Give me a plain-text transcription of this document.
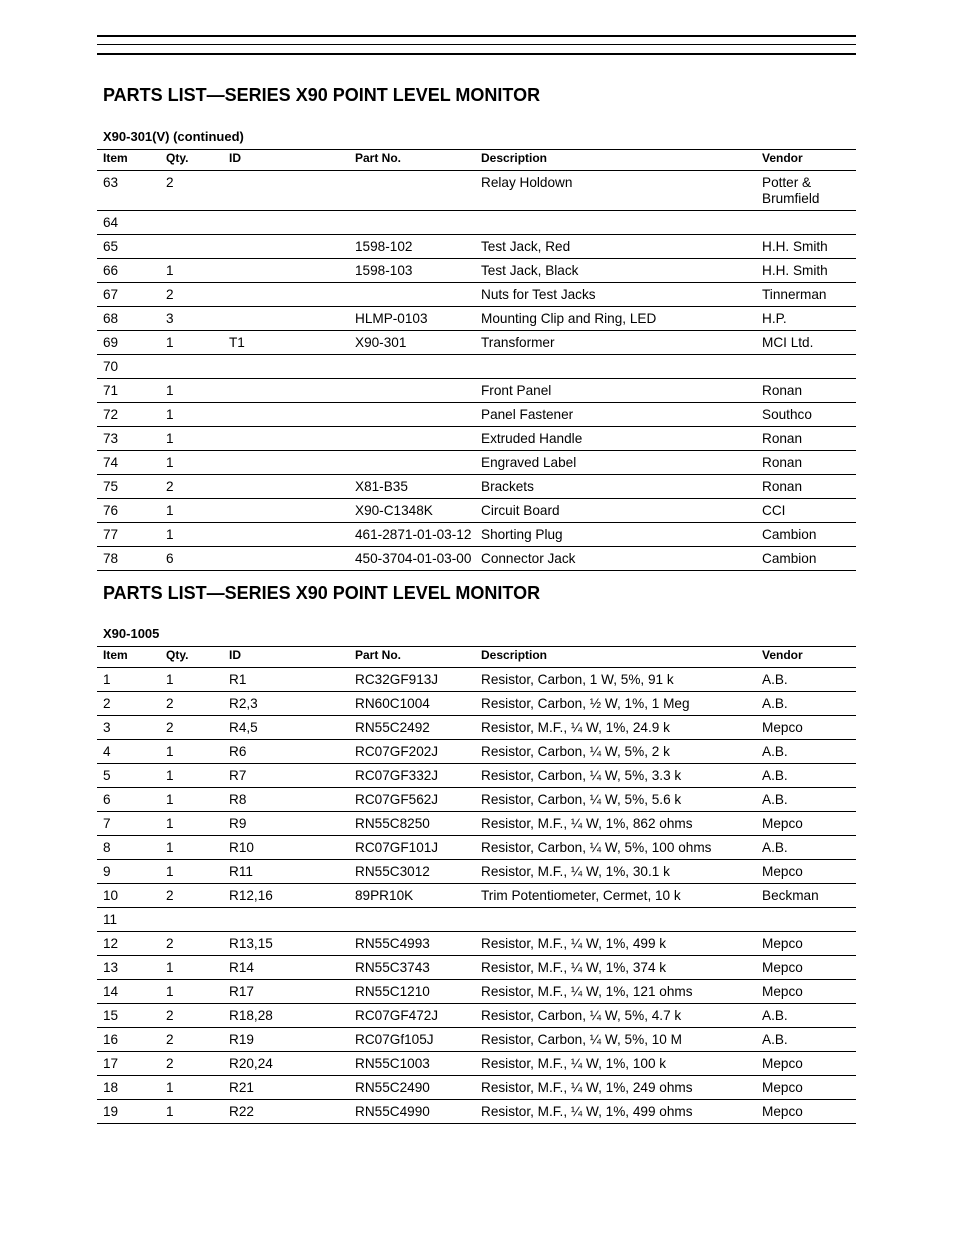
PARTS LIST—SERIES X90 POINT LEVEL MONITOR
X90-301(V) (continued)
Item	Qty.	ID	Part No.	Description	Vendor
63	2			Relay Holdown	Potter & Brumfield
64					
65			1598-102	Test Jack, Red	H.H. Smith
66	1		1598-103	Test Jack, Black	H.H. Smith
67	2			Nuts for Test Jacks	Tinnerman
68	3		HLMP-0103	Mounting Clip and Ring, LED	H.P.
69	1	T1	X90-301	Transformer	MCI Ltd.
70					
71	1			Front Panel	Ronan
72	1			Panel Fastener	Southco
73	1			Extruded Handle	Ronan
74	1			Engraved Label	Ronan
75	2		X81-B35	Brackets	Ronan
76	1		X90-C1348K	Circuit Board	CCI
77	1		461-2871-01-03-12	Shorting Plug	Cambion
78	6		450-3704-01-03-00	Connector Jack	Cambion
PARTS LIST—SERIES X90 POINT LEVEL MONITOR
X90-1005
Item	Qty.	ID	Part No.	Description	Vendor
1	1	R1	RC32GF913J	Resistor, Carbon, 1 W, 5%, 91 k	A.B.
2	2	R2,3	RN60C1004	Resistor, Carbon, ½ W, 1%, 1 Meg	A.B.
3	2	R4,5	RN55C2492	Resistor, M.F., ¼ W, 1%, 24.9 k	Mepco
4	1	R6	RC07GF202J	Resistor, Carbon, ¼ W, 5%, 2 k	A.B.
5	1	R7	RC07GF332J	Resistor, Carbon, ¼ W, 5%, 3.3 k	A.B.
6	1	R8	RC07GF562J	Resistor, Carbon, ¼ W, 5%, 5.6 k	A.B.
7	1	R9	RN55C8250	Resistor, M.F., ¼ W, 1%, 862 ohms	Mepco
8	1	R10	RC07GF101J	Resistor, Carbon, ¼ W, 5%, 100 ohms	A.B.
9	1	R11	RN55C3012	Resistor, M.F., ¼ W, 1%, 30.1 k	Mepco
10	2	R12,16	89PR10K	Trim Potentiometer, Cermet, 10 k	Beckman
11					
12	2	R13,15	RN55C4993	Resistor, M.F., ¼ W, 1%, 499 k	Mepco
13	1	R14	RN55C3743	Resistor, M.F., ¼ W, 1%, 374 k	Mepco
14	1	R17	RN55C1210	Resistor, M.F., ¼ W, 1%, 121 ohms	Mepco
15	2	R18,28	RC07GF472J	Resistor, Carbon, ¼ W, 5%, 4.7 k	A.B.
16	2	R19	RC07Gf105J	Resistor, Carbon, ¼ W, 5%, 10 M	A.B.
17	2	R20,24	RN55C1003	Resistor, M.F., ¼ W, 1%, 100 k	Mepco
18	1	R21	RN55C2490	Resistor, M.F., ¼ W, 1%, 249 ohms	Mepco
19	1	R22	RN55C4990	Resistor, M.F., ¼ W, 1%, 499 ohms	Mepco
